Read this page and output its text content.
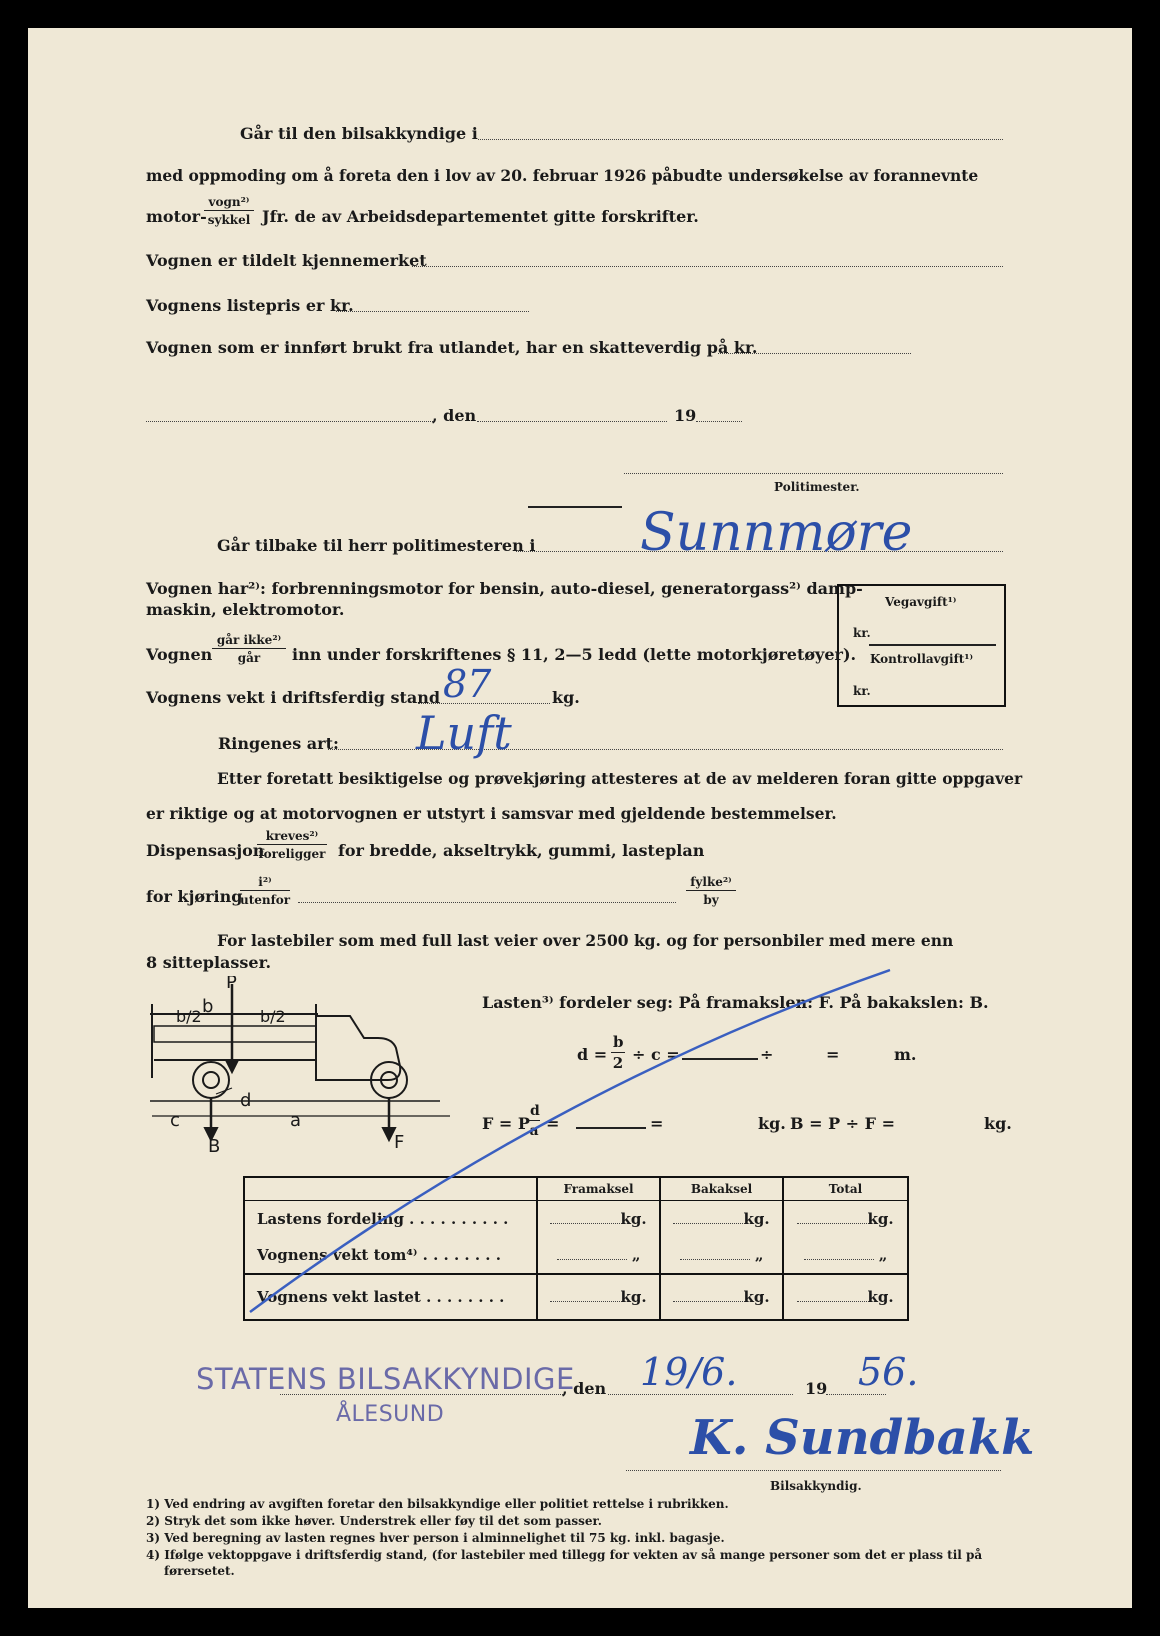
Går til den bilsakkyndige i
med oppmoding om å foreta den i lov av 20. februar 1926 påbudte undersøkelse av forannevnte
motor-
vogn²⁾
sykkel Jfr. de av Arbeidsdepartementet gitte forskrifter.
Vognen er tildelt kjennemerket
Vognens listepris er kr.
Vognen som er innført brukt fra utlandet, har en skatteverdig på kr.
, den	19
Politimester.
Går tilbake til herr politimesteren i Sunnmøre
Vognen har²⁾: forbrenningsmotor for bensin, auto-diesel, generatorgass²⁾ damp-
maskin, elektromotor.	Vegavgift¹⁾
kr.
Kontrollavgift¹⁾
kr.
Vognen
går ikke²⁾
går	inn under forskriftenes § 11, 2—5 ledd (lette motorkjøretøyer).
Vognens vekt i driftsferdig stand	kg.
87
Ringenes art: Luft
Etter foretatt besiktigelse og prøvekjøring attesteres at de av melderen foran gitte oppgaver
er riktige og at motorvognen er utstyrt i samsvar med gjeldende bestemmelser.
Dispensasjon
kreves²⁾
foreligger for bredde, akseltrykk, gummi, lasteplan
for kjøring
i²⁾
utenfor
fylke²⁾
by
For lastebiler som med full last veier over 2500 kg. og for personbiler med mere enn
8 sitteplasser.
P
b
b/2	b/2
d
c	a
B	F
Lasten³⁾ fordeler seg: På framakslen: F. På bakakslen: B.
$d = \frac{b}{2} \div c$ =	÷	=	m.
F = P
$\frac{d}{a}$ =	=	kg. B = P ÷ F =	kg.
	Framaksel	Bakaksel	Total
Lastens fordeling . . . . . . . . . .	kg.	kg.	kg.
Vognens vekt tom⁴⁾ . . . . . . . .	„	„	„
Vognens vekt lastet . . . . . . . .	kg.	kg.	kg.
STATENS BILSAKKYNDIGE
ÅLESUND
, den	19
19/6.	56.
Bilsakkyndig.
K. Sundbakk
1) Ved endring av avgiften foretar den bilsakkyndige eller politiet rettelse i rubrikken.
2) Stryk det som ikke høver. Understrek eller føy til det som passer.
3) Ved beregning av lasten regnes hver person i alminnelighet til 75 kg. inkl. bagasje.
4) Ifølge vektoppgave i driftsferdig stand, (for lastebiler med tillegg for vekten av så mange personer som det er plass til på
førersetet.
